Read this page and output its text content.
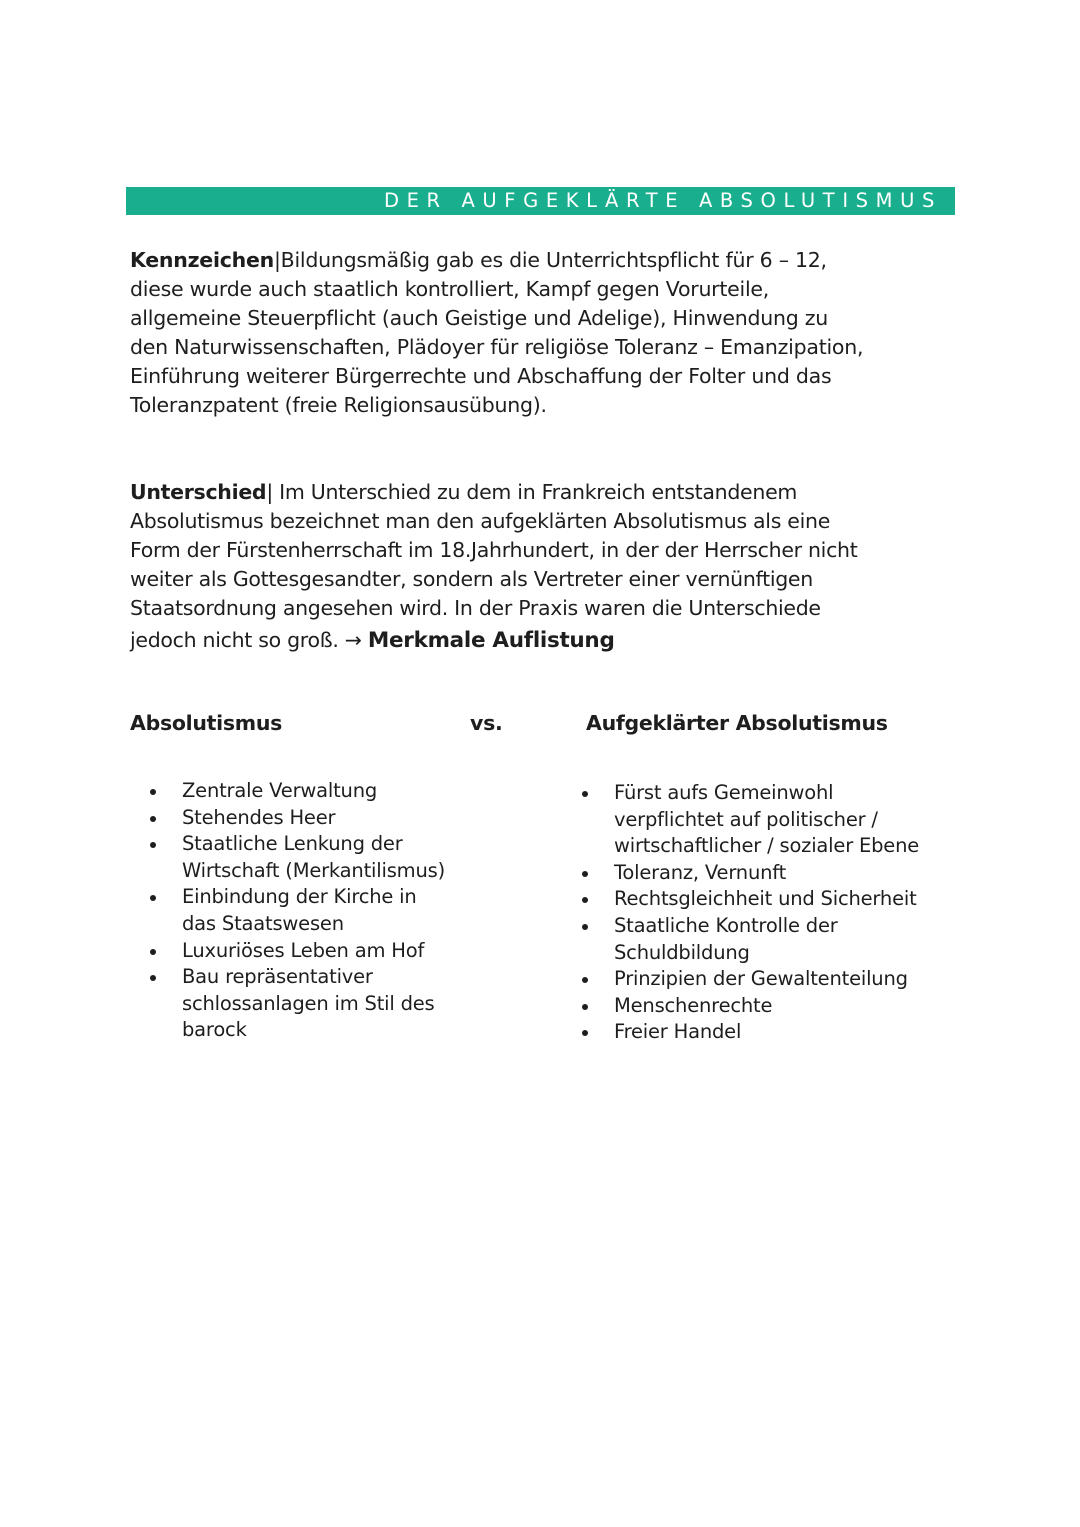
DER AUFGEKLÄRTE ABSOLUTISMUS
Kennzeichen|Bildungsmäßig gab es die Unterrichtspflicht für 6 – 12,
diese wurde auch staatlich kontrolliert, Kampf gegen Vorurteile,
allgemeine Steuerpflicht (auch Geistige und Adelige), Hinwendung zu
den Naturwissenschaften, Plädoyer für religiöse Toleranz – Emanzipation,
Einführung weiterer Bürgerrechte und Abschaffung der Folter und das
Toleranzpatent (freie Religionsausübung).
Unterschied| Im Unterschied zu dem in Frankreich entstandenem
Absolutismus bezeichnet man den aufgeklärten Absolutismus als eine
Form der Fürstenherrschaft im 18.Jahrhundert, in der der Herrscher nicht
weiter als Gottesgesandter, sondern als Vertreter einer vernünftigen
Staatsordnung angesehen wird. In der Praxis waren die Unterschiede
jedoch nicht so groß. → Merkmale Auflistung
Absolutismus	vs.	Aufgeklärter Absolutismus
Zentrale Verwaltung
Stehendes Heer
Staatliche Lenkung der
Wirtschaft (Merkantilismus)
Einbindung der Kirche in
das Staatswesen
Luxuriöses Leben am Hof
Bau repräsentativer
schlossanlagen im Stil des
barock
Fürst aufs Gemeinwohl
verpflichtet auf politischer /
wirtschaftlicher / sozialer Ebene
Toleranz, Vernunft
Rechtsgleichheit und Sicherheit
Staatliche Kontrolle der
Schuldbildung
Prinzipien der Gewaltenteilung
Menschenrechte
Freier Handel
